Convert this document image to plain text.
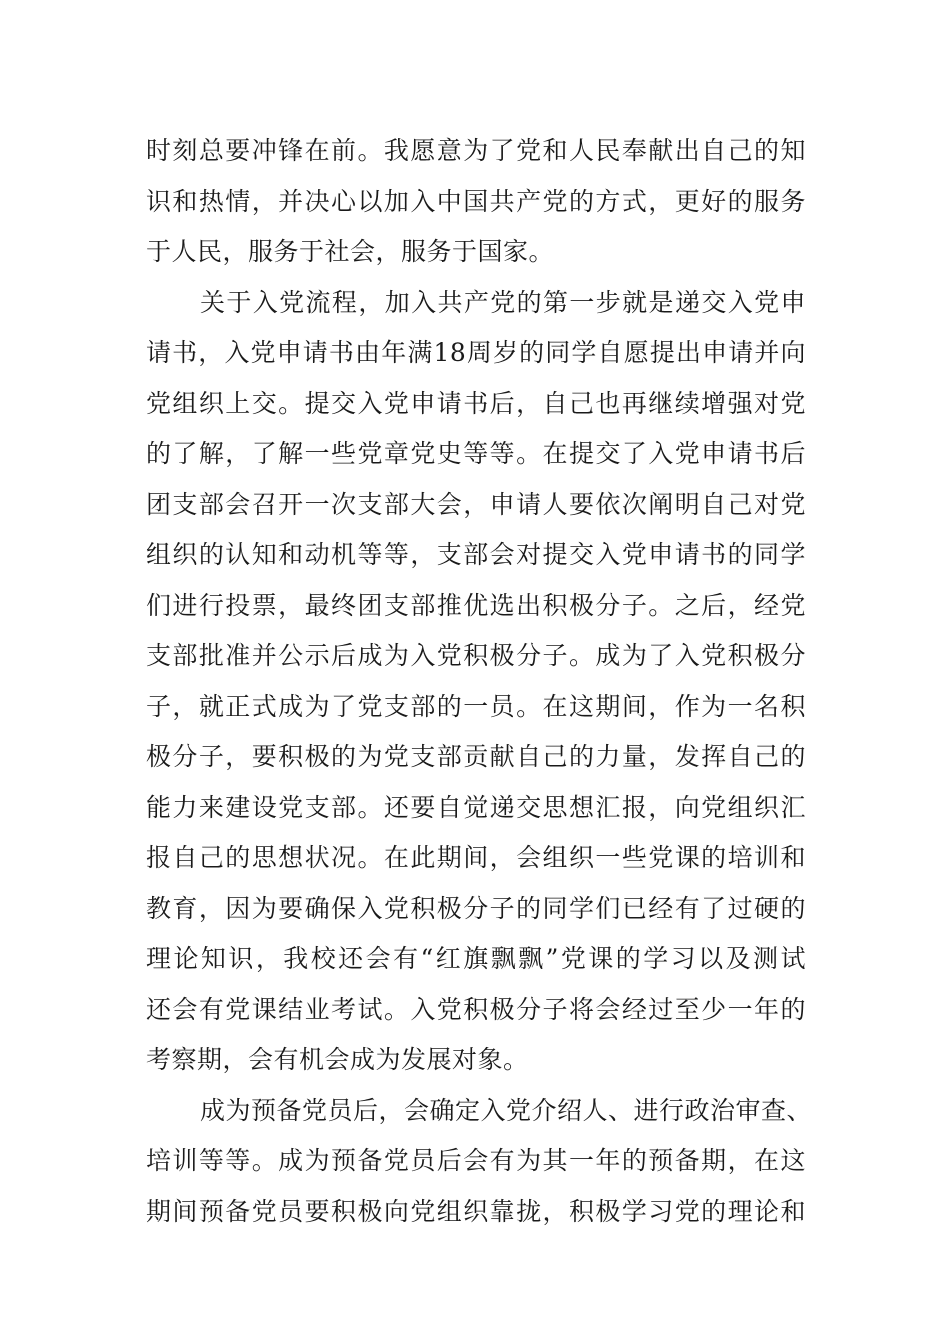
时刻总要冲锋在前。我愿意为了党和人民奉献出自己的知
识和热情，并决心以加入中国共产党的方式，更好的服务
于人民，服务于社会，服务于国家。
关于入党流程，加入共产党的第一步就是递交入党申
请书，入党申请书由年满18周岁的同学自愿提出申请并向
党组织上交。提交入党申请书后，自己也再继续增强对党
的了解，了解一些党章党史等等。在提交了入党申请书后
团支部会召开一次支部大会，申请人要依次阐明自己对党
组织的认知和动机等等，支部会对提交入党申请书的同学
们进行投票，最终团支部推优选出积极分子。之后，经党
支部批准并公示后成为入党积极分子。成为了入党积极分
子，就正式成为了党支部的一员。在这期间，作为一名积
极分子，要积极的为党支部贡献自己的力量，发挥自己的
能力来建设党支部。还要自觉递交思想汇报，向党组织汇
报自己的思想状况。在此期间，会组织一些党课的培训和
教育，因为要确保入党积极分子的同学们已经有了过硬的
理论知识，我校还会有“红旗飘飘”党课的学习以及测试
还会有党课结业考试。入党积极分子将会经过至少一年的
考察期，会有机会成为发展对象。
成为预备党员后，会确定入党介绍人、进行政治审查、
培训等等。成为预备党员后会有为其一年的预备期，在这
期间预备党员要积极向党组织靠拢，积极学习党的理论和
